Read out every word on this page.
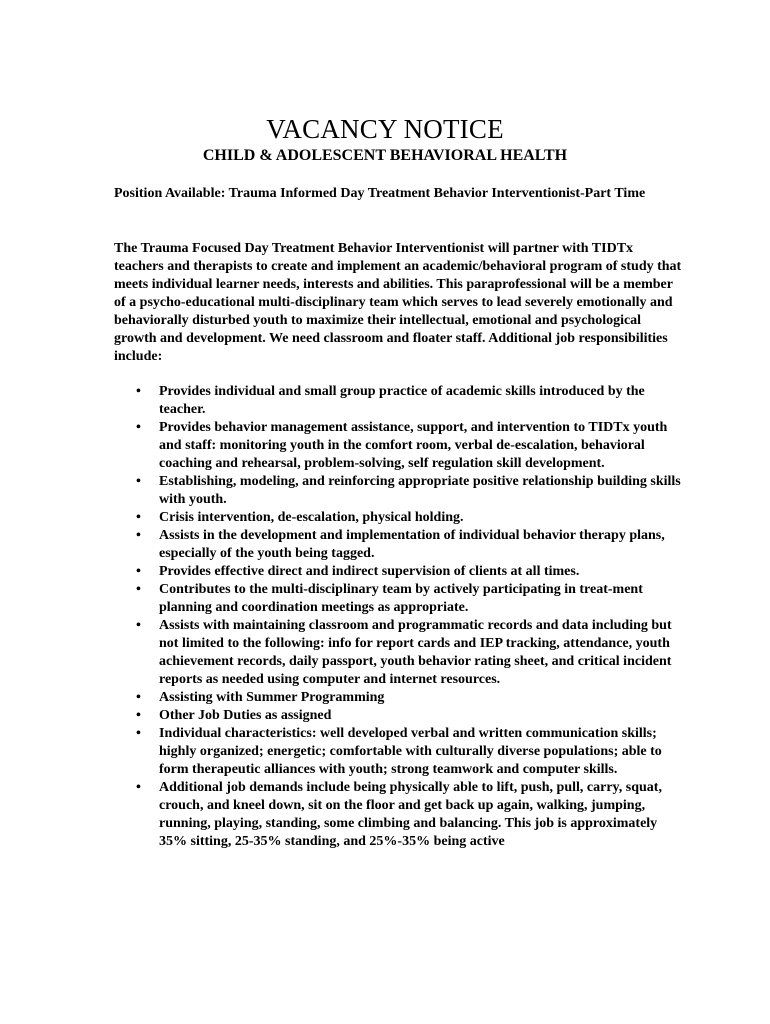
VACANCY NOTICE
CHILD & ADOLESCENT BEHAVIORAL HEALTH
Position Available: Trauma Informed Day Treatment Behavior Interventionist-Part Time
The Trauma Focused Day Treatment Behavior Interventionist will partner with TIDTx teachers and therapists to create and implement an academic/behavioral program of study that meets individual learner needs, interests and abilities. This paraprofessional will be a member of a psycho-educational multi-disciplinary team which serves to lead severely emotionally and behaviorally disturbed youth to maximize their intellectual, emotional and psychological growth and development. We need classroom and floater staff. Additional job responsibilities include:
• Provides individual and small group practice of academic skills introduced by the teacher.
• Provides behavior management assistance, support, and intervention to TIDTx youth and staff: monitoring youth in the comfort room, verbal de-escalation, behavioral coaching and rehearsal, problem-solving, self regulation skill development.
• Establishing, modeling, and reinforcing appropriate positive relationship building skills with youth.
• Crisis intervention, de-escalation, physical holding.
• Assists in the development and implementation of individual behavior therapy plans, especially of the youth being tagged.
• Provides effective direct and indirect supervision of clients at all times.
• Contributes to the multi-disciplinary team by actively participating in treat-ment planning and coordination meetings as appropriate.
• Assists with maintaining classroom and programmatic records and data including but not limited to the following: info for report cards and IEP tracking, attendance, youth achievement records, daily passport, youth behavior rating sheet, and critical incident reports as needed using computer and internet resources.
• Assisting with Summer Programming
• Other Job Duties as assigned
• Individual characteristics: well developed verbal and written communication skills; highly organized; energetic; comfortable with culturally diverse populations; able to form therapeutic alliances with youth; strong teamwork and computer skills.
• Additional job demands include being physically able to lift, push, pull, carry, squat, crouch, and kneel down, sit on the floor and get back up again, walking, jumping, running, playing, standing, some climbing and balancing. This job is approximately 35% sitting, 25-35% standing, and 25%-35% being active
